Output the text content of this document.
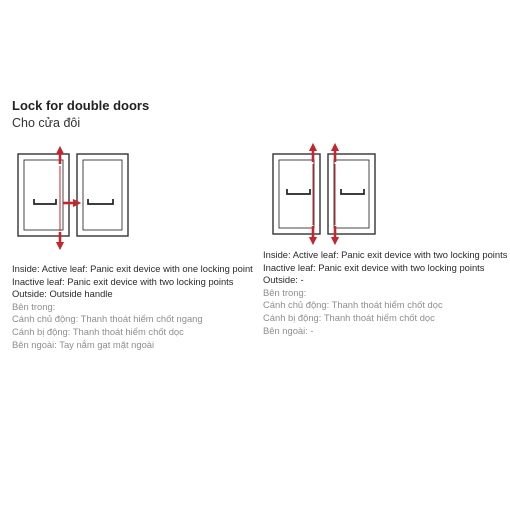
Lock for double doors
Cho cửa đôi
Inside: Active leaf: Panic exit device with one locking point
Inactive leaf: Panic exit device with two locking points
Outside: Outside handle
Bên trong:
Cánh chủ động: Thanh thoát hiểm chốt ngang
Cánh bị động: Thanh thoát hiểm chốt dọc
Bên ngoài: Tay nắm gạt mặt ngoài
Inside: Active leaf: Panic exit device with two locking points
Inactive leaf: Panic exit device with two locking points
Outside: -
Bên trong:
Cánh chủ động: Thanh thoát hiểm chốt dọc
Cánh bị động: Thanh thoát hiểm chốt dọc
Bên ngoài: -
